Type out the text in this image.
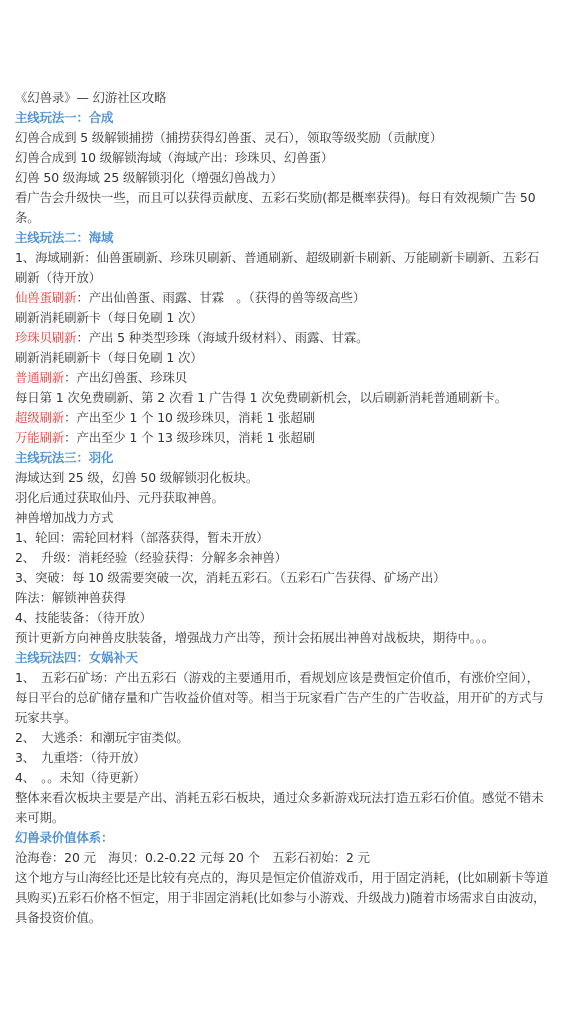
《幻兽录》— 幻游社区攻略

主线玩法一：合成

幻兽合成到 5 级解锁捕捞（捕捞获得幻兽蛋、灵石），领取等级奖励（贡献度）

幻兽合成到 10 级解锁海域（海域产出：珍珠贝、幻兽蛋）

幻兽 50 级海域 25 级解锁羽化（增强幻兽战力）

看广告会升级快一些，而且可以获得贡献度、五彩石奖励(都是概率获得)。每日有效视频广告 50 条。

主线玩法二：海域

1、海域刷新：仙兽蛋刷新、珍珠贝刷新、普通刷新、超级刷新卡刷新、万能刷新卡刷新、五彩石刷新（待开放）

仙兽蛋刷新：产出仙兽蛋、雨露、甘霖　。（获得的兽等级高些）

刷新消耗刷新卡（每日免刷 1 次）

珍珠贝刷新：产出 5 种类型珍珠（海域升级材料）、雨露、甘霖。

刷新消耗刷新卡（每日免刷 1 次）

普通刷新：产出幻兽蛋、珍珠贝

每日第 1 次免费刷新、第 2 次看 1 广告得 1 次免费刷新机会，以后刷新消耗普通刷新卡。

超级刷新：产出至少 1 个 10 级珍珠贝，消耗 1 张超刷

万能刷新：产出至少 1 个 13 级珍珠贝，消耗 1 张超刷

主线玩法三：羽化

海域达到 25 级，幻兽 50 级解锁羽化板块。

羽化后通过获取仙丹、元丹获取神兽。

神兽增加战力方式

1、轮回：需轮回材料（部落获得，暂未开放）

2、　升级：消耗经验（经验获得：分解多余神兽）

3、突破：每 10 级需要突破一次，消耗五彩石。（五彩石广告获得、矿场产出）

阵法：解锁神兽获得

4、技能装备：（待开放）

预计更新方向神兽皮肤装备，增强战力产出等，预计会拓展出神兽对战板块，期待中。。。

主线玩法四：女娲补天

1、　五彩石矿场：产出五彩石（游戏的主要通用币，看规划应该是费恒定价值币，有涨价空间），每日平台的总矿储存量和广告收益价值对等。相当于玩家看广告产生的广告收益，用开矿的方式与玩家共享。

2、　大逃杀：和潮玩宇宙类似。

3、　九重塔：（待开放）

4、　。。未知（待更新）

整体来看次板块主要是产出、消耗五彩石板块，通过众多新游戏玩法打造五彩石价值。感觉不错未来可期。

幻兽录价值体系：

沧海卷：20 元　海贝：0.2-0.22 元每 20 个　五彩石初始：2 元

这个地方与山海经比还是比较有亮点的，海贝是恒定价值游戏币，用于固定消耗，(比如刷新卡等道具购买)五彩石价格不恒定，用于非固定消耗(比如参与小游戏、升级战力)随着市场需求自由波动，具备投资价值。
